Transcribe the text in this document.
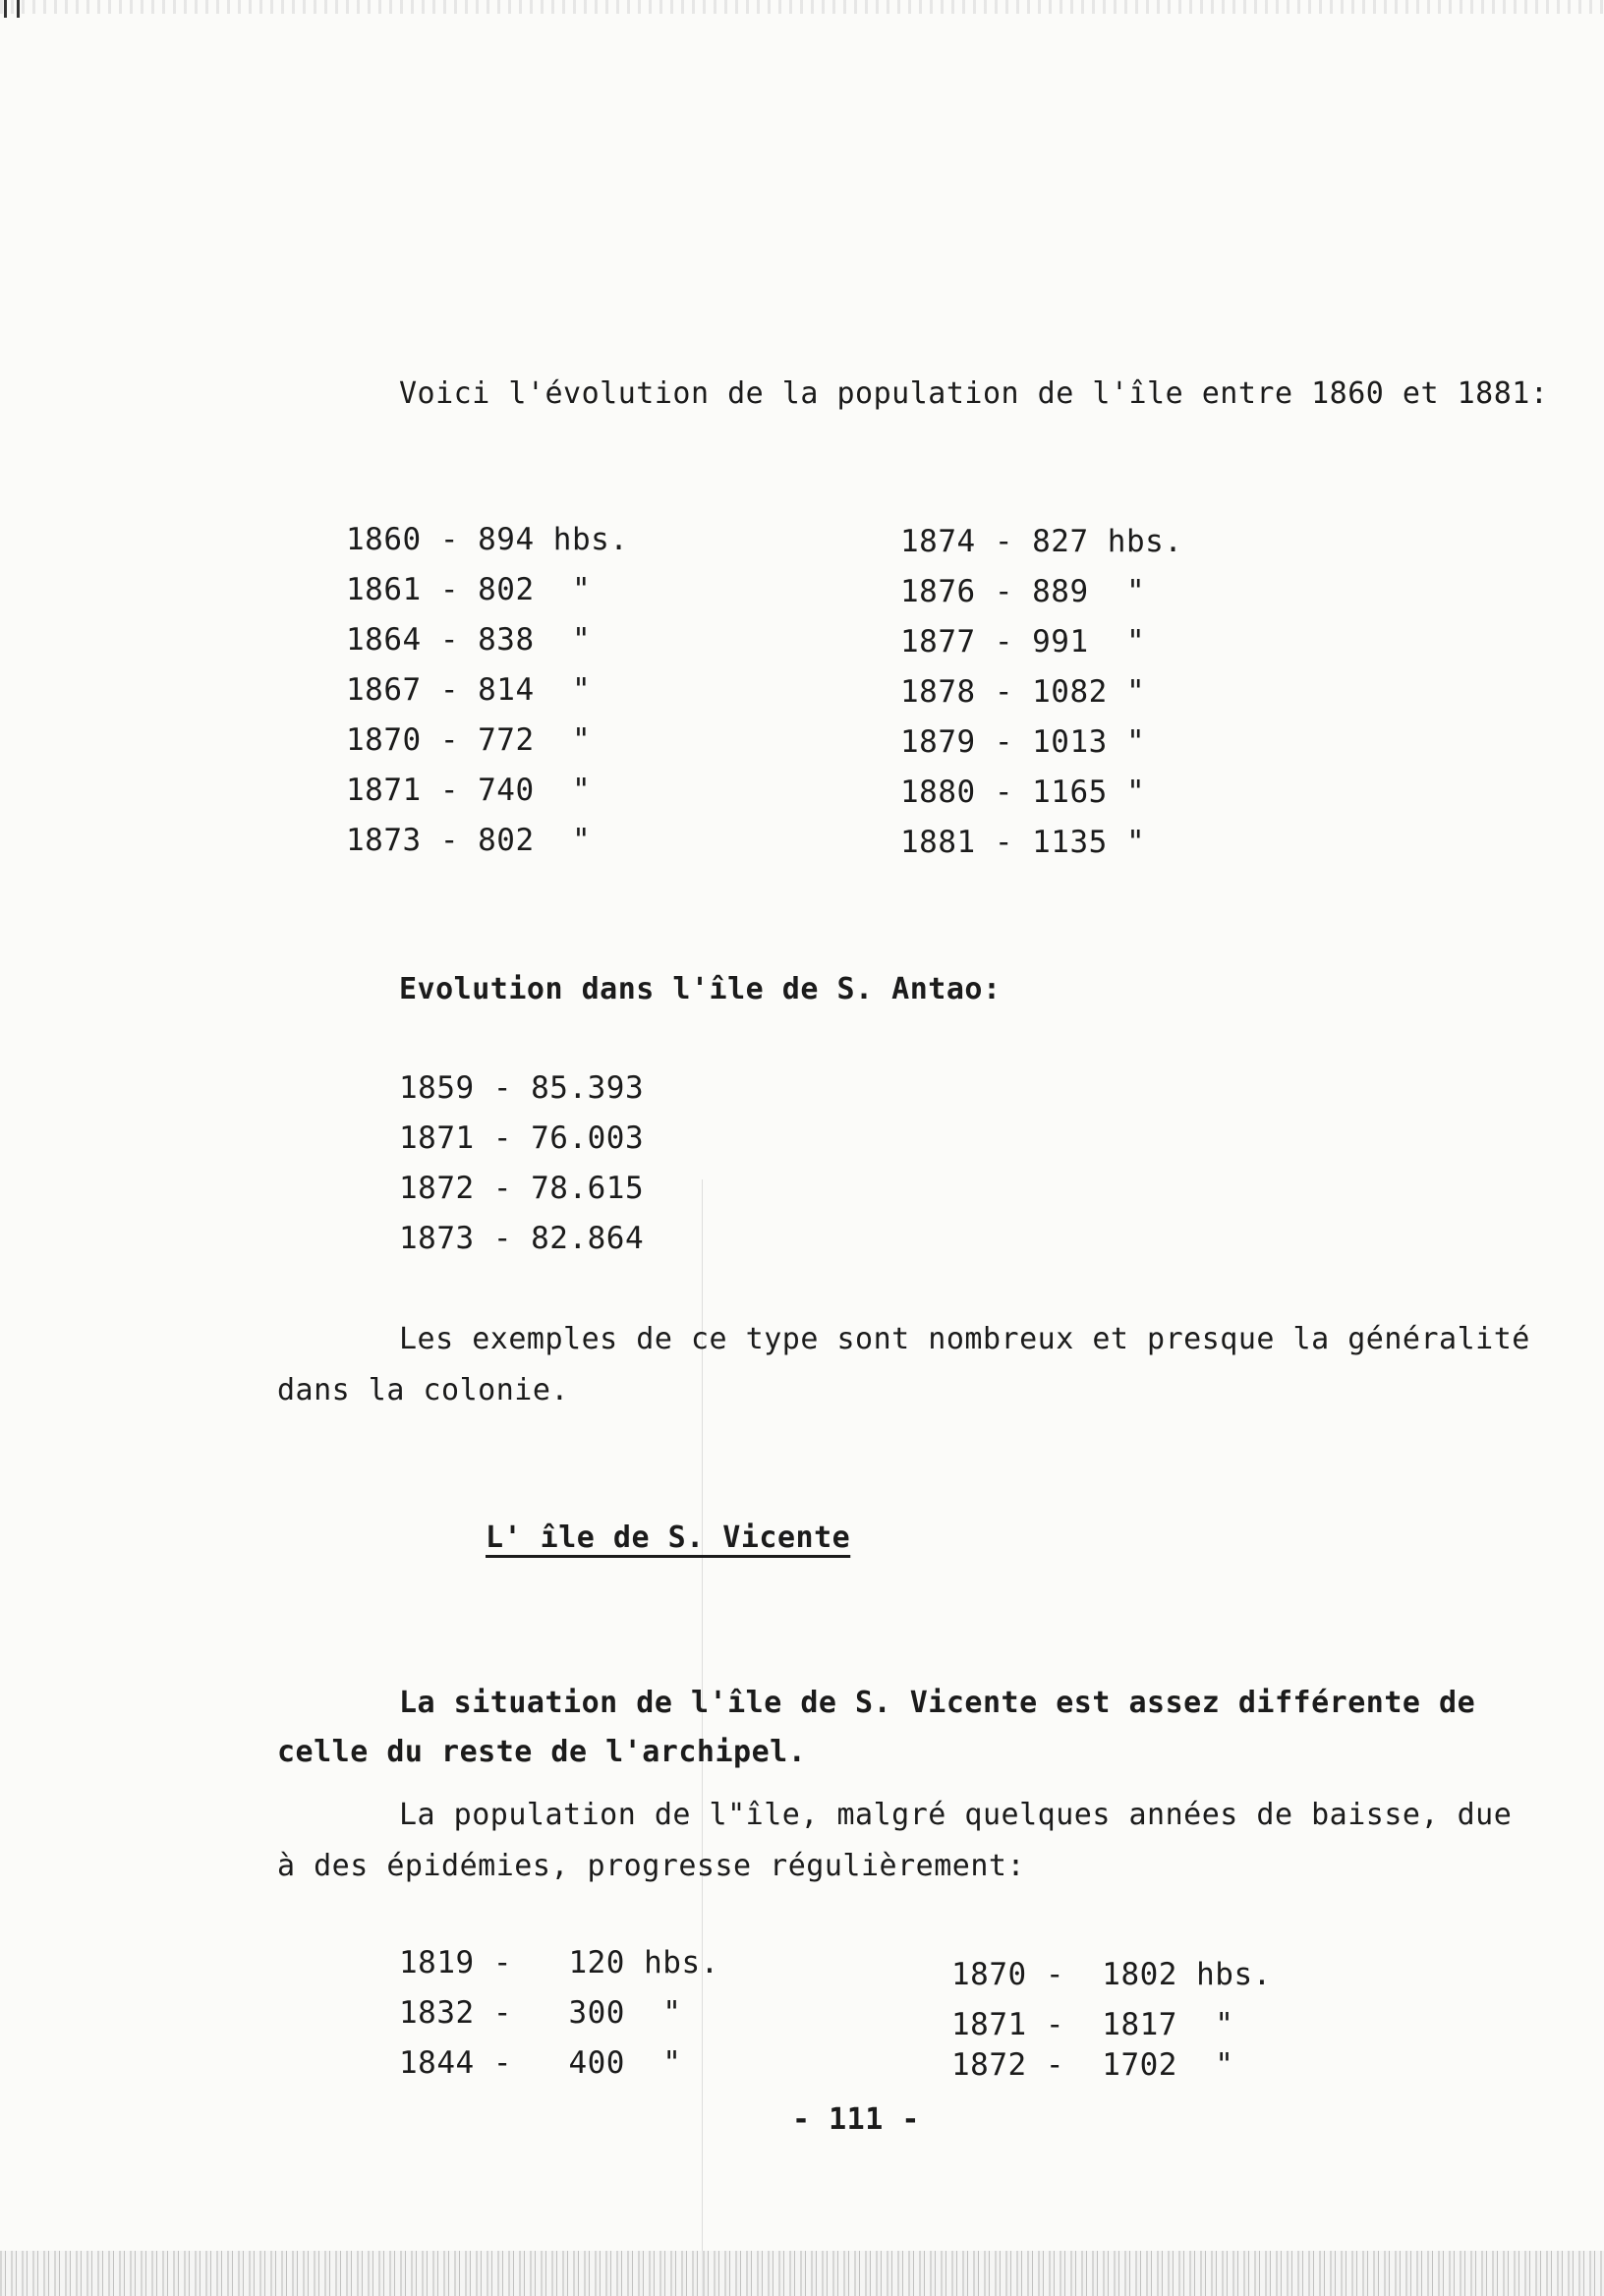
Voici l'évolution de la population de l'île entre 1860 et 1881:
1860 - 894 hbs.
1861 - 802  "
1864 - 838  "
1867 - 814  "
1870 - 772  "
1871 - 740  "
1873 - 802  "
1874 - 827 hbs.
1876 - 889  "
1877 - 991  "
1878 - 1082 "
1879 - 1013 "
1880 - 1165 "
1881 - 1135 "
Evolution dans l'île de S. Antao:
1859 - 85.393
1871 - 76.003
1872 - 78.615
1873 - 82.864
Les exemples de ce type sont nombreux et presque la généralité
dans la colonie.
L' île de S. Vicente
La situation de l'île de S. Vicente est assez différente de
celle du reste de l'archipel.
La population de l"île, malgré quelques années de baisse, due
à des épidémies, progresse régulièrement:
1819 -   120 hbs.
1832 -   300  "
1844 -   400  "
1870 -  1802 hbs.
1871 -  1817  "
1872 -  1702  "
- 111 -
